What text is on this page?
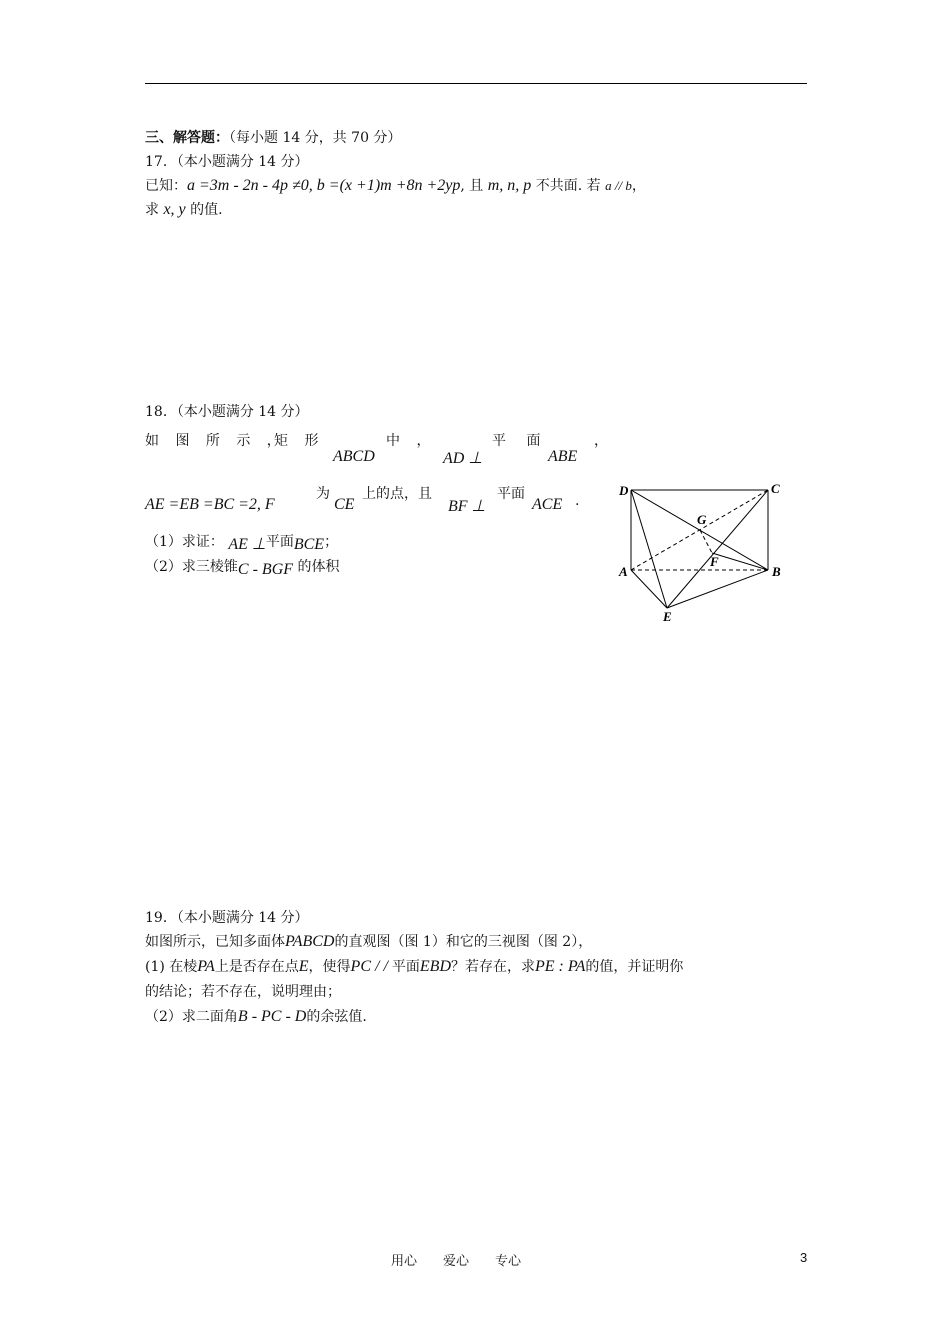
三、解答题：（每小题 14 分，共 70 分）
17．（本小题满分 14 分）
已知：a =3m - 2n - 4p ≠0, b =(x +1)m +8n +2yp, 且 m, n, p 不共面. 若 a // b，
求 x, y 的值.
18．（本小题满分 14 分）
如 图 所 示 ，
矩 形
ABCD
中 ，
AD ⊥
平 面
ABE
，
AE =EB =BC =2, F
为
CE
上的点，且
BF ⊥
平面
ACE .
（1）求证： AE ⊥平面BCE；
（2）求三棱锥C - BGF 的体积
D	C
G
F
A	B
E
19．（本小题满分 14 分）
如图所示，已知多面体PABCD的直观图（图 1）和它的三视图（图 2），
(1) 在棱PA上是否存在点E，使得PC / / 平面EBD？若存在，求PE : PA的值，并证明你
的结论；若不存在，说明理由；
（2）求二面角B - PC - D的余弦值.
用心　　爱心　　专心	3
